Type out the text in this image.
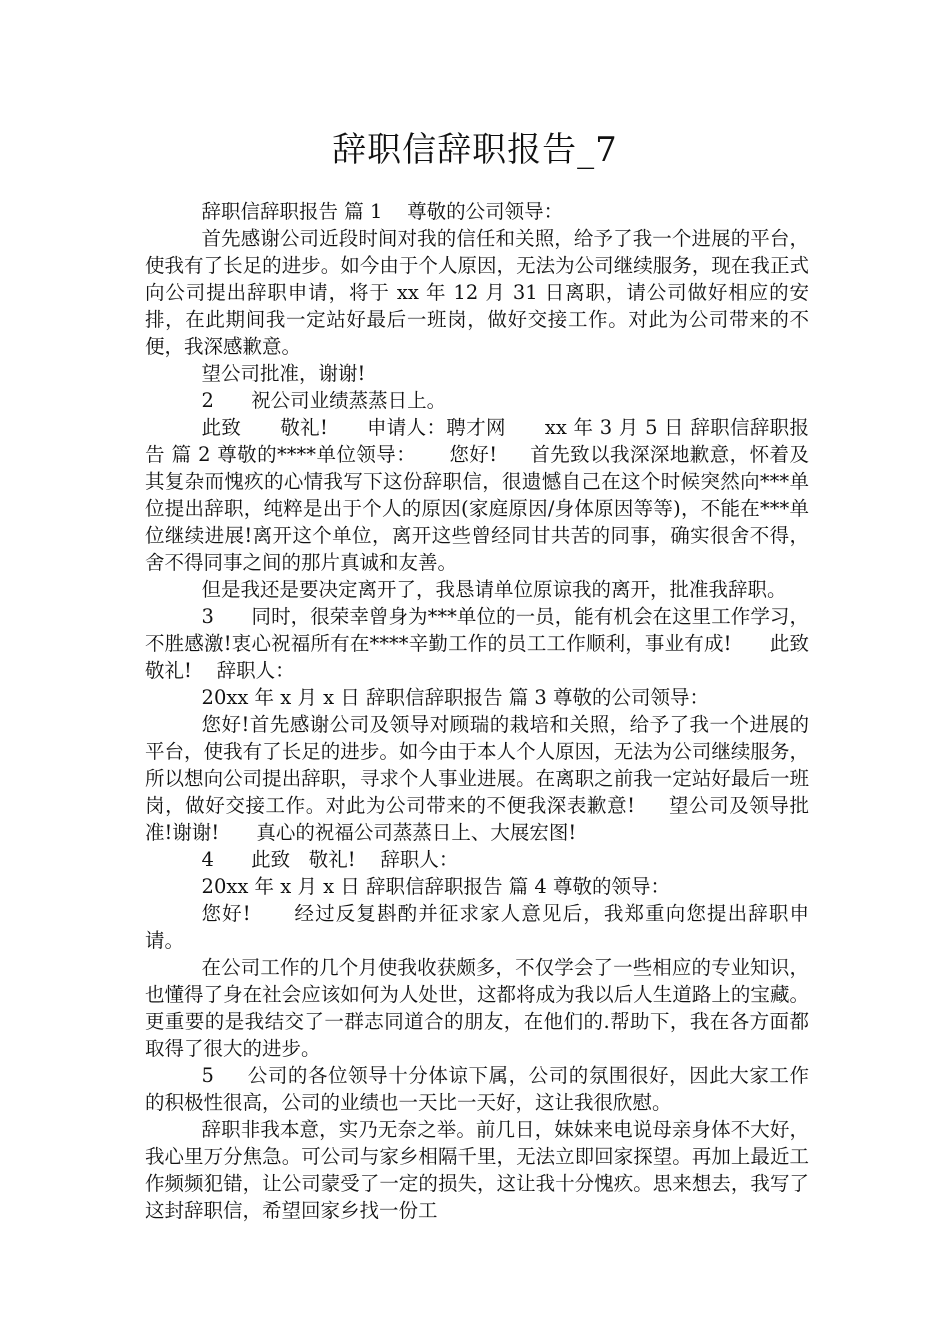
辞职信辞职报告_7

辞职信辞职报告 篇 1    尊敬的公司领导：

首先感谢公司近段时间对我的信任和关照，给予了我一个进展的平台，使我有了长足的进步。如今由于个人原因，无法为公司继续服务，现在我正式向公司提出辞职申请，将于 xx 年 12 月 31 日离职，请公司做好相应的安排，在此期间我一定站好最后一班岗，做好交接工作。对此为公司带来的不便，我深感歉意。

望公司批准，谢谢!

2      祝公司业绩蒸蒸日上。

此致      敬礼!      申请人：聘才网      xx 年 3 月 5 日 辞职信辞职报告 篇 2 尊敬的****单位领导：     您好!     首先致以我深深地歉意，怀着及其复杂而愧疚的心情我写下这份辞职信，很遗憾自己在这个时候突然向***单位提出辞职，纯粹是出于个人的原因(家庭原因/身体原因等等)，不能在***单位继续进展!离开这个单位，离开这些曾经同甘共苦的同事，确实很舍不得，舍不得同事之间的那片真诚和友善。

但是我还是要决定离开了，我恳请单位原谅我的离开，批准我辞职。

3      同时，很荣幸曾身为***单位的一员，能有机会在这里工作学习，不胜感激!衷心祝福所有在****辛勤工作的员工工作顺利，事业有成!      此致   敬礼!    辞职人：

20xx 年 x 月 x 日 辞职信辞职报告 篇 3 尊敬的公司领导：

您好!首先感谢公司及领导对顾瑞的栽培和关照，给予了我一个进展的平台，使我有了长足的进步。如今由于本人个人原因，无法为公司继续服务，所以想向公司提出辞职，寻求个人事业进展。在离职之前我一定站好最后一班岗，做好交接工作。对此为公司带来的不便我深表歉意!     望公司及领导批准!谢谢!      真心的祝福公司蒸蒸日上、大展宏图!

4      此致   敬礼!    辞职人：

20xx 年 x 月 x 日 辞职信辞职报告 篇 4 尊敬的领导：

您好!      经过反复斟酌并征求家人意见后，我郑重向您提出辞职申请。

在公司工作的几个月使我收获颇多，不仅学会了一些相应的专业知识，也懂得了身在社会应该如何为人处世，这都将成为我以后人生道路上的宝藏。更重要的是我结交了一群志同道合的朋友，在他们的.帮助下，我在各方面都取得了很大的进步。

5     公司的各位领导十分体谅下属，公司的氛围很好，因此大家工作的积极性很高，公司的业绩也一天比一天好，这让我很欣慰。

辞职非我本意，实乃无奈之举。前几日，妹妹来电说母亲身体不大好，我心里万分焦急。可公司与家乡相隔千里，无法立即回家探望。再加上最近工作频频犯错，让公司蒙受了一定的损失，这让我十分愧疚。思来想去，我写了这封辞职信，希望回家乡找一份工
